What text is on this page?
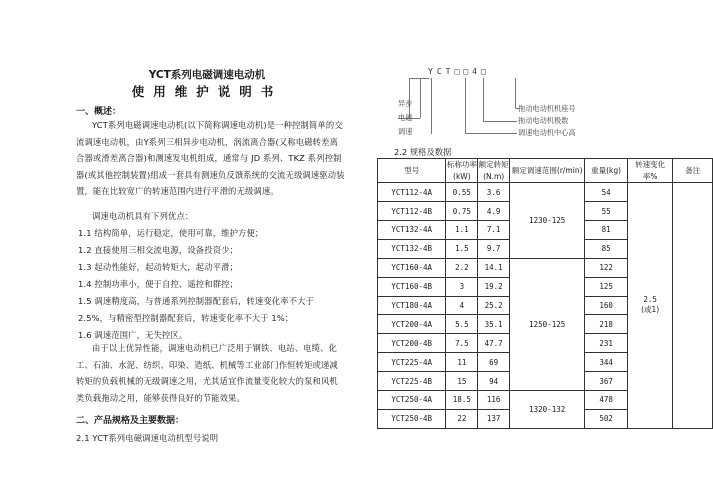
YCT系列电磁调速电动机
使用维护说明书
一、概述：
YCT系列电磁调速电动机(以下简称调速电动机)是一种控制简单的交流调速电动机，由Y系列三相异步电动机，涡流离合器(又称电磁转差离合器或滑差离合器)和测速发电机组成，通常与 JD 系列、TKZ 系列控制器(或其他控制装置)组成一套具有测速负反馈系统的交流无级调速驱动装置，能在比较宽广的转速范围内进行平滑的无级调速。
调速电动机具有下列优点：
1.1 结构简单，运行稳定，使用可靠，维护方便；
1.2 直接使用三相交流电源，设备投资少；
1.3 起动性能好，起动转矩大，起动平滑；
1.4 控制功率小，便于自控、遥控和群控；
1.5 调速精度高，与普通系列控制器配套后，转速变化率不大于
2.5%，与精密型控制器配套后，转速变化率不大于 1%；
1.6 调速范围广，无失控区。
由于以上优异性能，调速电动机已广泛用于钢铁、电站、电缆、化工、石油、水泥、纺织、印染、造纸、机械等工业部门作恒转矩或递减转矩的负载机械的无级调速之用，尤其适宜作流量变化较大的泵和风机类负载拖动之用，能够获得良好的节能效果。
二、产品规格及主要数据：
2.1 YCT系列电磁调速电动机型号说明
YCT□□4□
异步
电磁
调速
拖动电动机机座号
拖动电动机极数
调速电动机中心高
2.2 规格及数据
型号	标称功率(kW)	额定转矩(N.m)	额定调速范围(r/min)	重量(kg)	转速变化率%	备注
YCT112-4A	0.55	3.6	1230-125	54	2.5
(或1)	

YCT112-4B	0.75	4.9		55		
YCT132-4A	1.1	7.1		81		
YCT132-4B	1.5	9.7		85		
YCT160-4A	2.2	14.1	1250-125	122		
YCT160-4B	3	19.2		125		
YCT180-4A	4	25.2		160		
YCT200-4A	5.5	35.1		218		
YCT200-4B	7.5	47.7		231		
YCT225-4A	11	69		344		
YCT225-4B	15	94		367		
YCT250-4A	18.5	116	1320-132	478		
YCT250-4B	22	137		502		
